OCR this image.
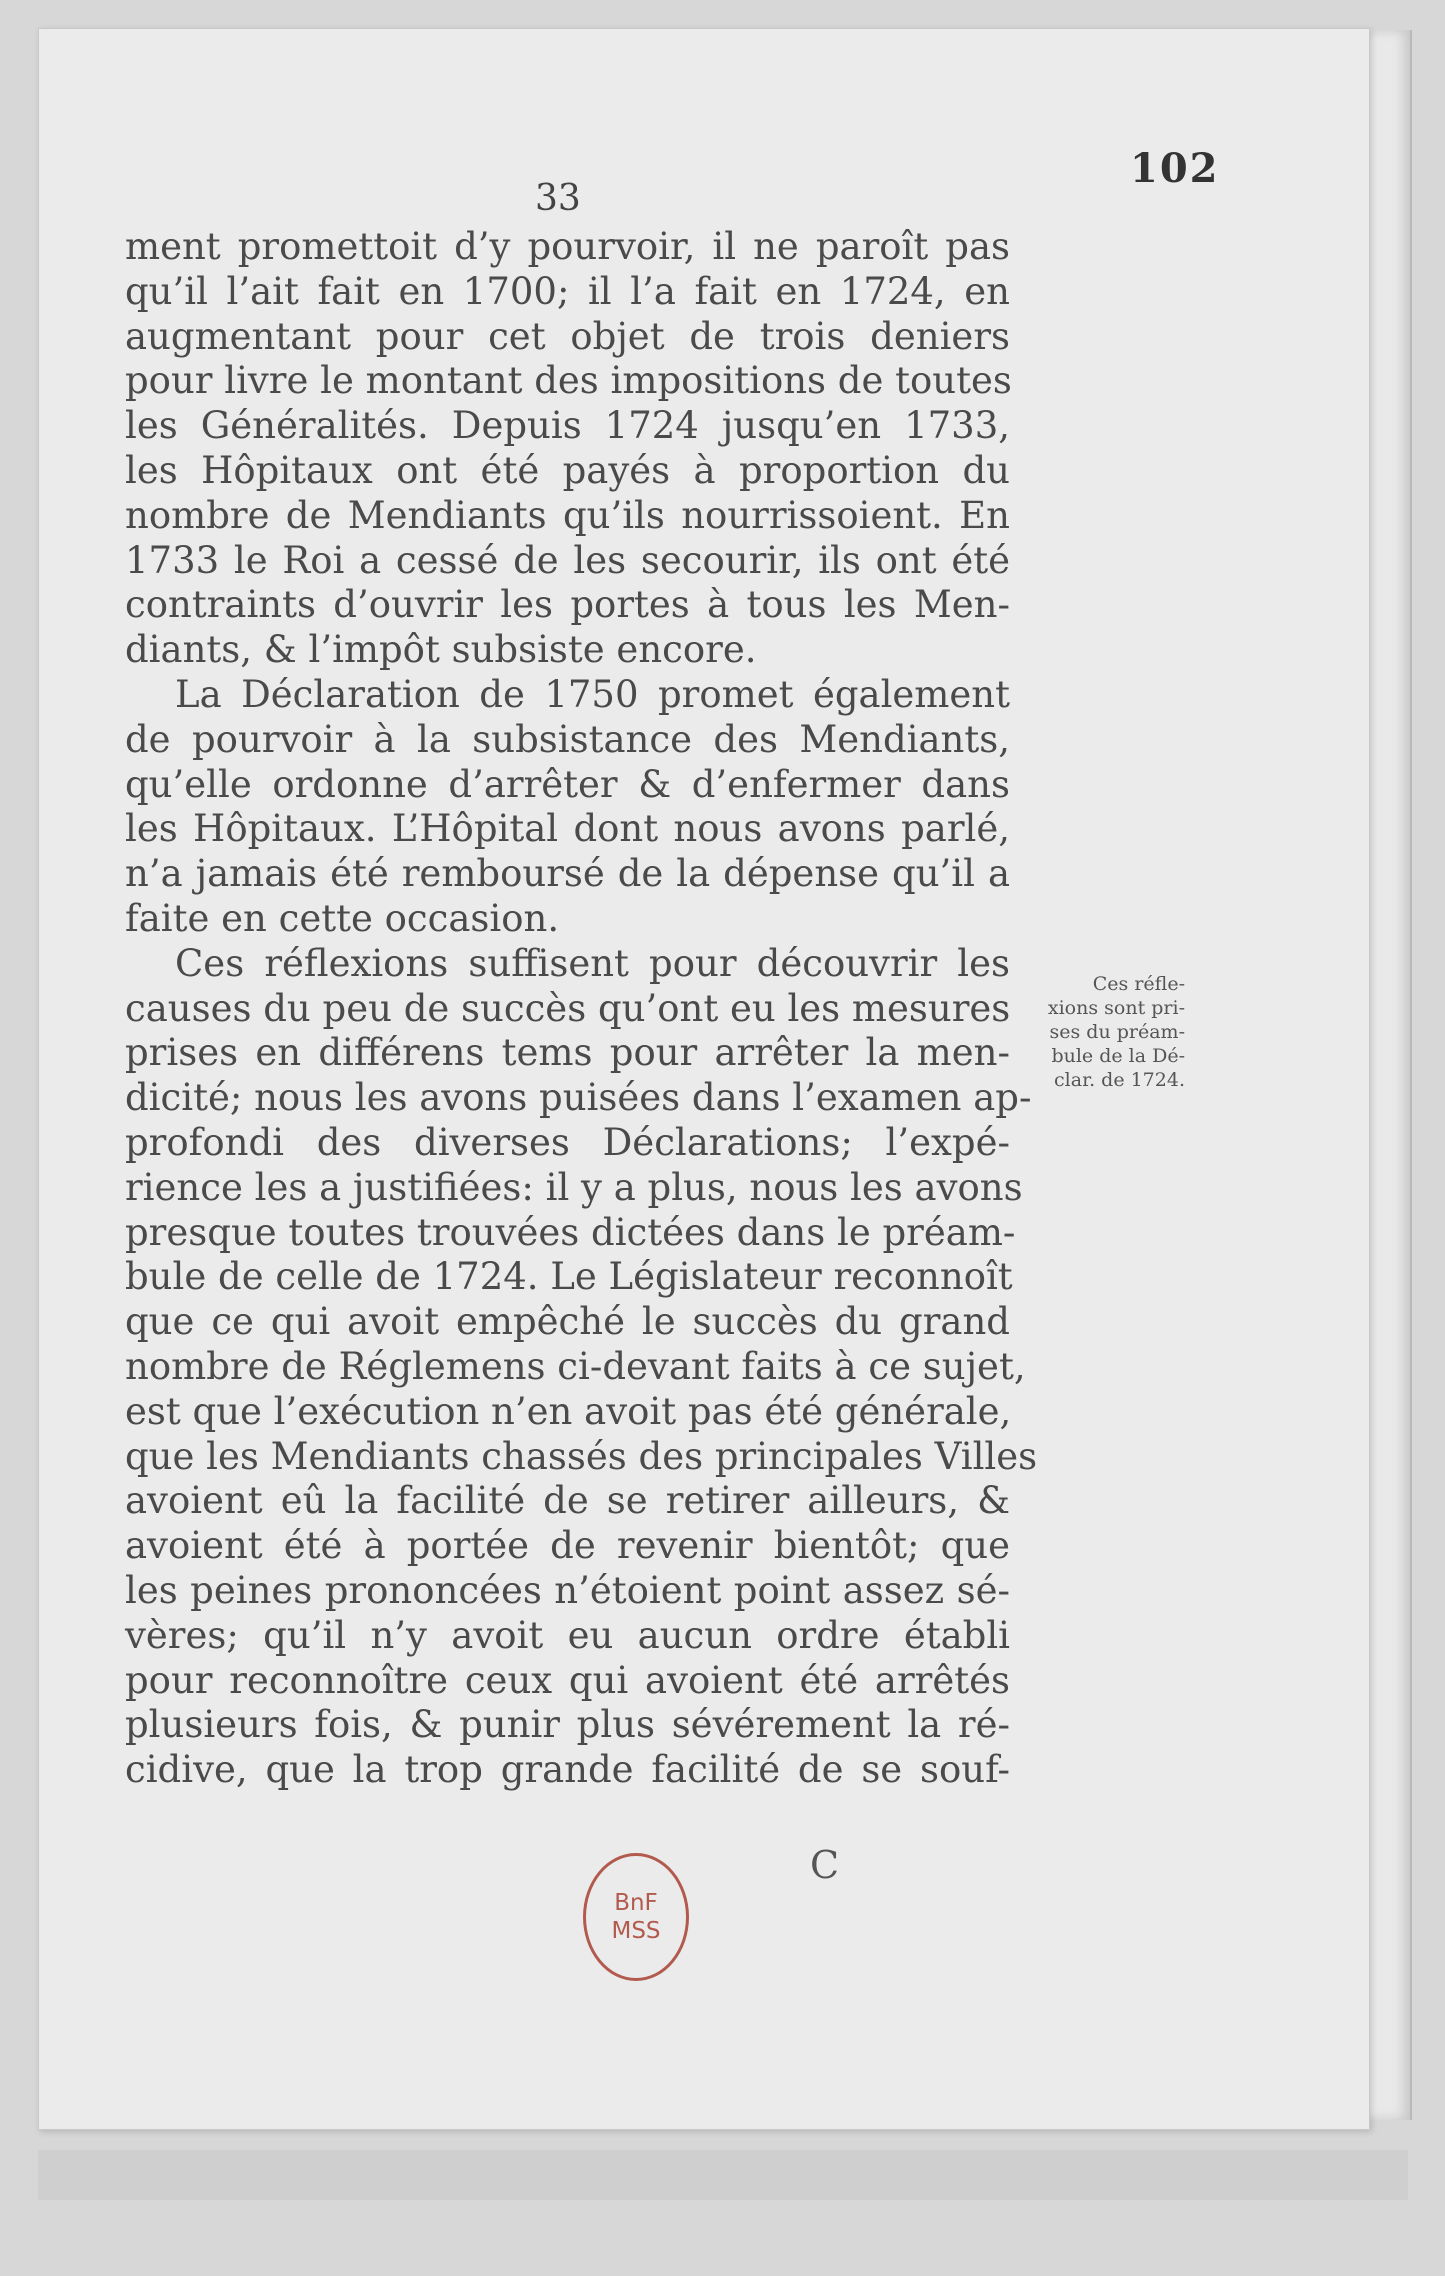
102
33
ment promettoit d’y pourvoir, il ne paroît pas
qu’il l’ait fait en 1700; il l’a fait en 1724, en
augmentant pour cet objet de trois deniers
pour livre le montant des impositions de toutes
les Généralités. Depuis 1724 jusqu’en 1733,
les Hôpitaux ont été payés à proportion du
nombre de Mendiants qu’ils nourrissoient. En
1733 le Roi a cessé de les secourir, ils ont été
contraints d’ouvrir les portes à tous les Men-
diants, & l’impôt subsiste encore.
La Déclaration de 1750 promet également
de pourvoir à la subsistance des Mendiants,
qu’elle ordonne d’arrêter & d’enfermer dans
les Hôpitaux. L’Hôpital dont nous avons parlé,
n’a jamais été remboursé de la dépense qu’il a
faite en cette occasion.
Ces réflexions suffisent pour découvrir les
causes du peu de succès qu’ont eu les mesures
prises en différens tems pour arrêter la men-
dicité; nous les avons puisées dans l’examen ap-
profondi des diverses Déclarations; l’expé-
rience les a justifiées: il y a plus, nous les avons
presque toutes trouvées dictées dans le préam-
bule de celle de 1724. Le Législateur reconnoît
que ce qui avoit empêché le succès du grand
nombre de Réglemens ci-devant faits à ce sujet,
est que l’exécution n’en avoit pas été générale,
que les Mendiants chassés des principales Villes
avoient eû la facilité de se retirer ailleurs, &
avoient été à portée de revenir bientôt; que
les peines prononcées n’étoient point assez sé-
vères; qu’il n’y avoit eu aucun ordre établi
pour reconnoître ceux qui avoient été arrêtés
plusieurs fois, & punir plus sévérement la ré-
cidive, que la trop grande facilité de se souf-
Ces réfle-
xions sont pri-
ses du préam-
bule de la Dé-
clar. de 1724.
C
BnF
MSS
